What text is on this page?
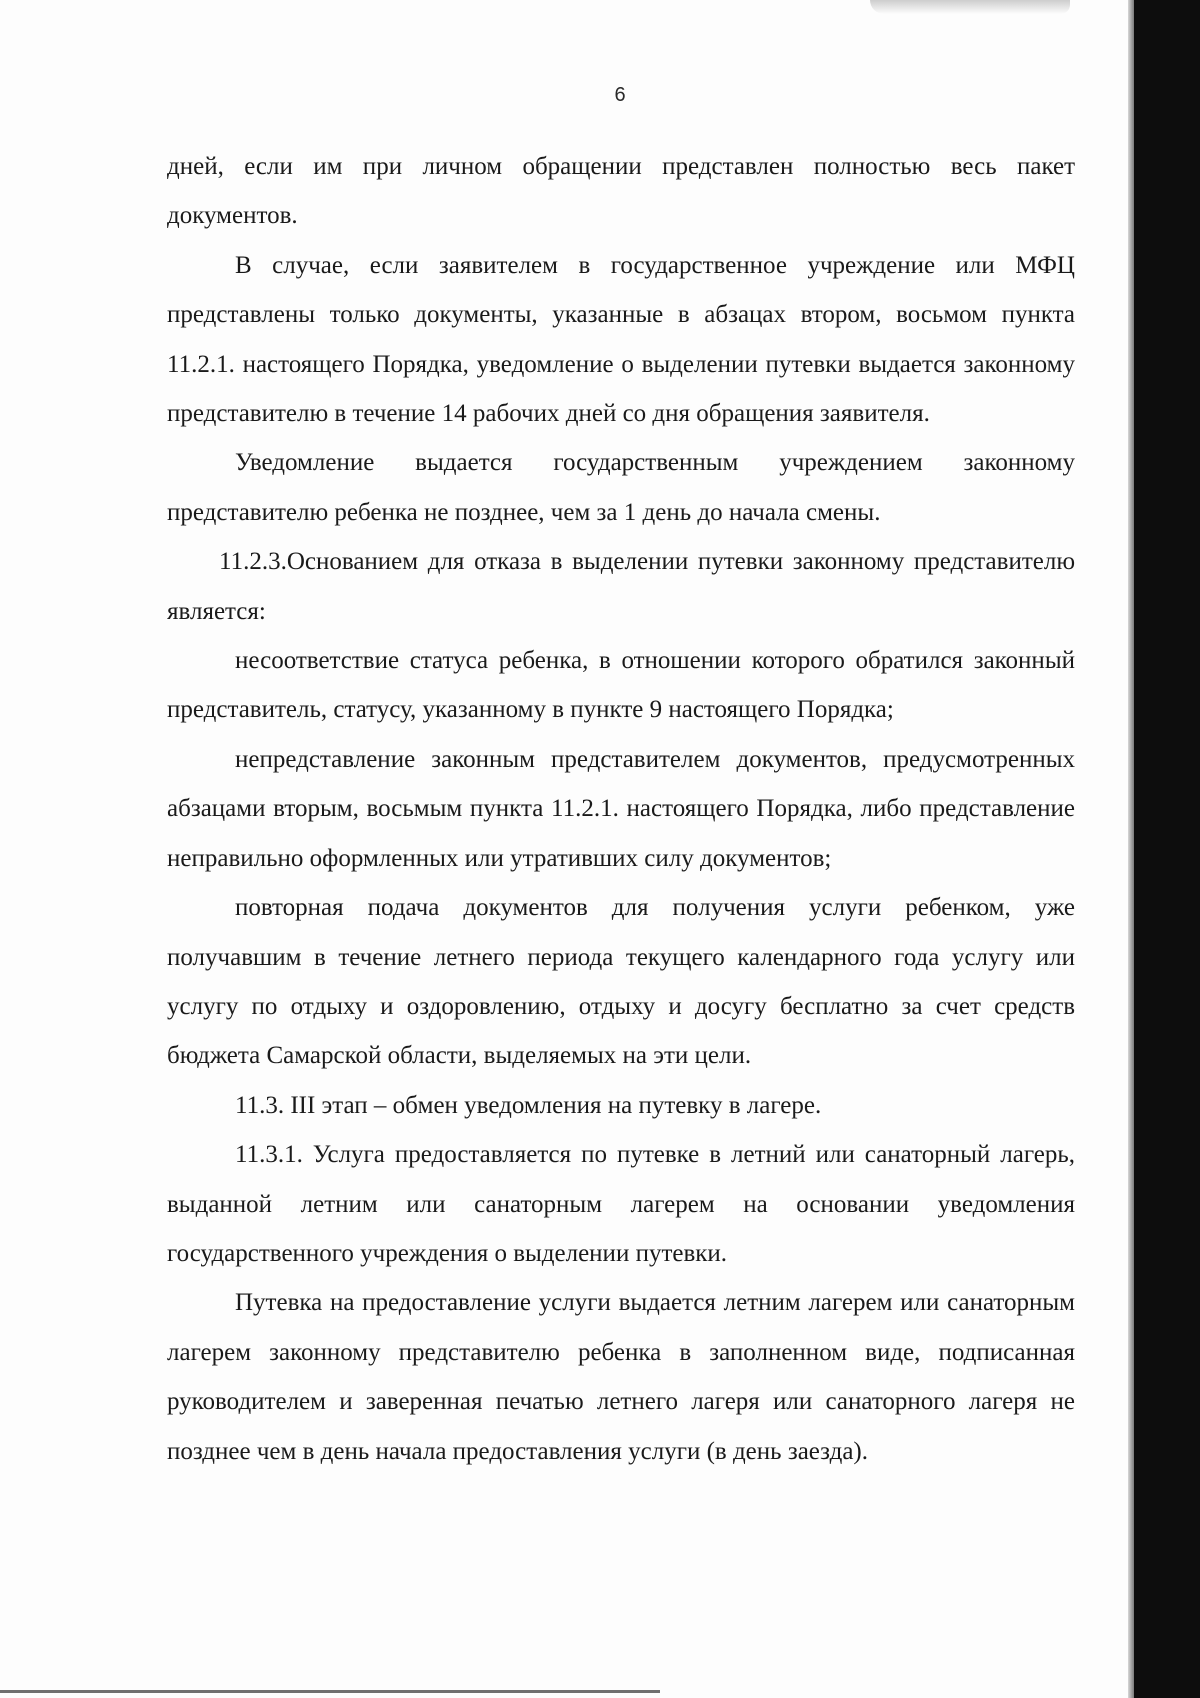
6

дней, если им при личном обращении представлен полностью весь пакет документов.

В случае, если заявителем в государственное учреждение или МФЦ представлены только документы, указанные в абзацах втором, восьмом пункта 11.2.1. настоящего Порядка, уведомление о выделении путевки выдается законному представителю в течение 14 рабочих дней со дня обращения заявителя.

Уведомление выдается государственным учреждением законному представителю ребенка не позднее, чем за 1 день до начала смены.

11.2.3.Основанием для отказа в выделении путевки законному представителю является:

несоответствие статуса ребенка, в отношении которого обратился законный представитель, статусу, указанному в пункте 9 настоящего Порядка;

непредставление законным представителем документов, предусмотренных абзацами вторым, восьмым пункта 11.2.1. настоящего Порядка, либо представление неправильно оформленных или утративших силу документов;

повторная подача документов для получения услуги ребенком, уже получавшим в течение летнего периода текущего календарного года услугу или услугу по отдыху и оздоровлению, отдыху и досугу бесплатно за счет средств бюджета Самарской области, выделяемых на эти цели.

11.3. III этап – обмен уведомления на путевку в лагере.

11.3.1. Услуга предоставляется по путевке в летний или санаторный лагерь, выданной летним или санаторным лагерем на основании уведомления государственного учреждения о выделении путевки.

Путевка на предоставление услуги выдается летним лагерем или санаторным лагерем законному представителю ребенка в заполненном виде, подписанная руководителем и заверенная печатью летнего лагеря или санаторного лагеря не позднее чем в день начала предоставления услуги (в день заезда).
